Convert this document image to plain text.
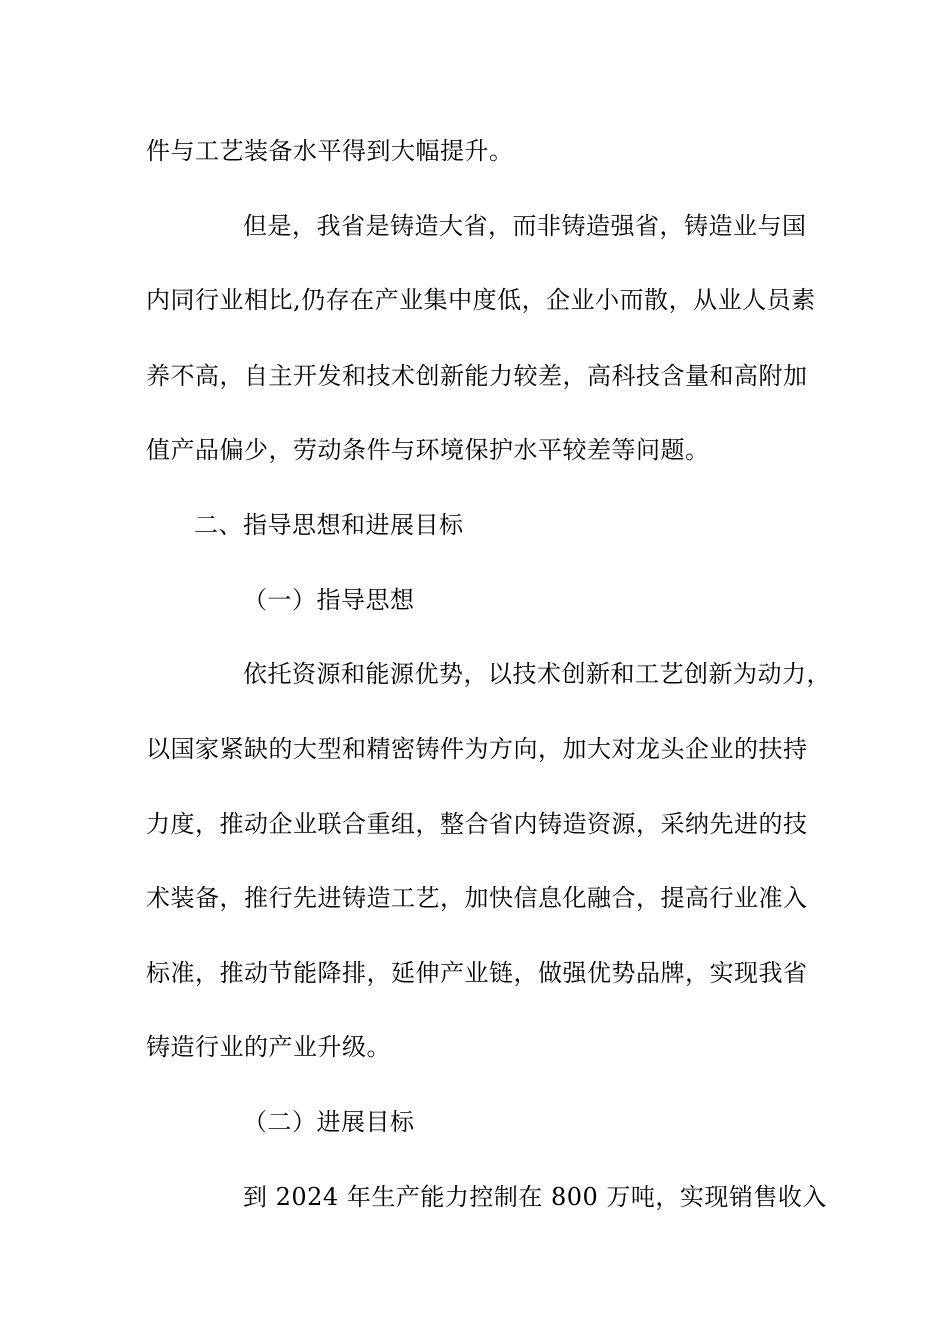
件与工艺装备水平得到大幅提升。
但是，我省是铸造大省，而非铸造强省，铸造业与国
内同行业相比,仍存在产业集中度低，企业小而散，从业人员素
养不高，自主开发和技术创新能力较差，高科技含量和高附加
值产品偏少，劳动条件与环境保护水平较差等问题。
二、指导思想和进展目标
（一）指导思想
依托资源和能源优势，以技术创新和工艺创新为动力，
以国家紧缺的大型和精密铸件为方向，加大对龙头企业的扶持
力度，推动企业联合重组，整合省内铸造资源，采纳先进的技
术装备，推行先进铸造工艺，加快信息化融合，提高行业准入
标准，推动节能降排，延伸产业链，做强优势品牌，实现我省
铸造行业的产业升级。
（二）进展目标
到 2024 年生产能力控制在 800 万吨，实现销售收入
